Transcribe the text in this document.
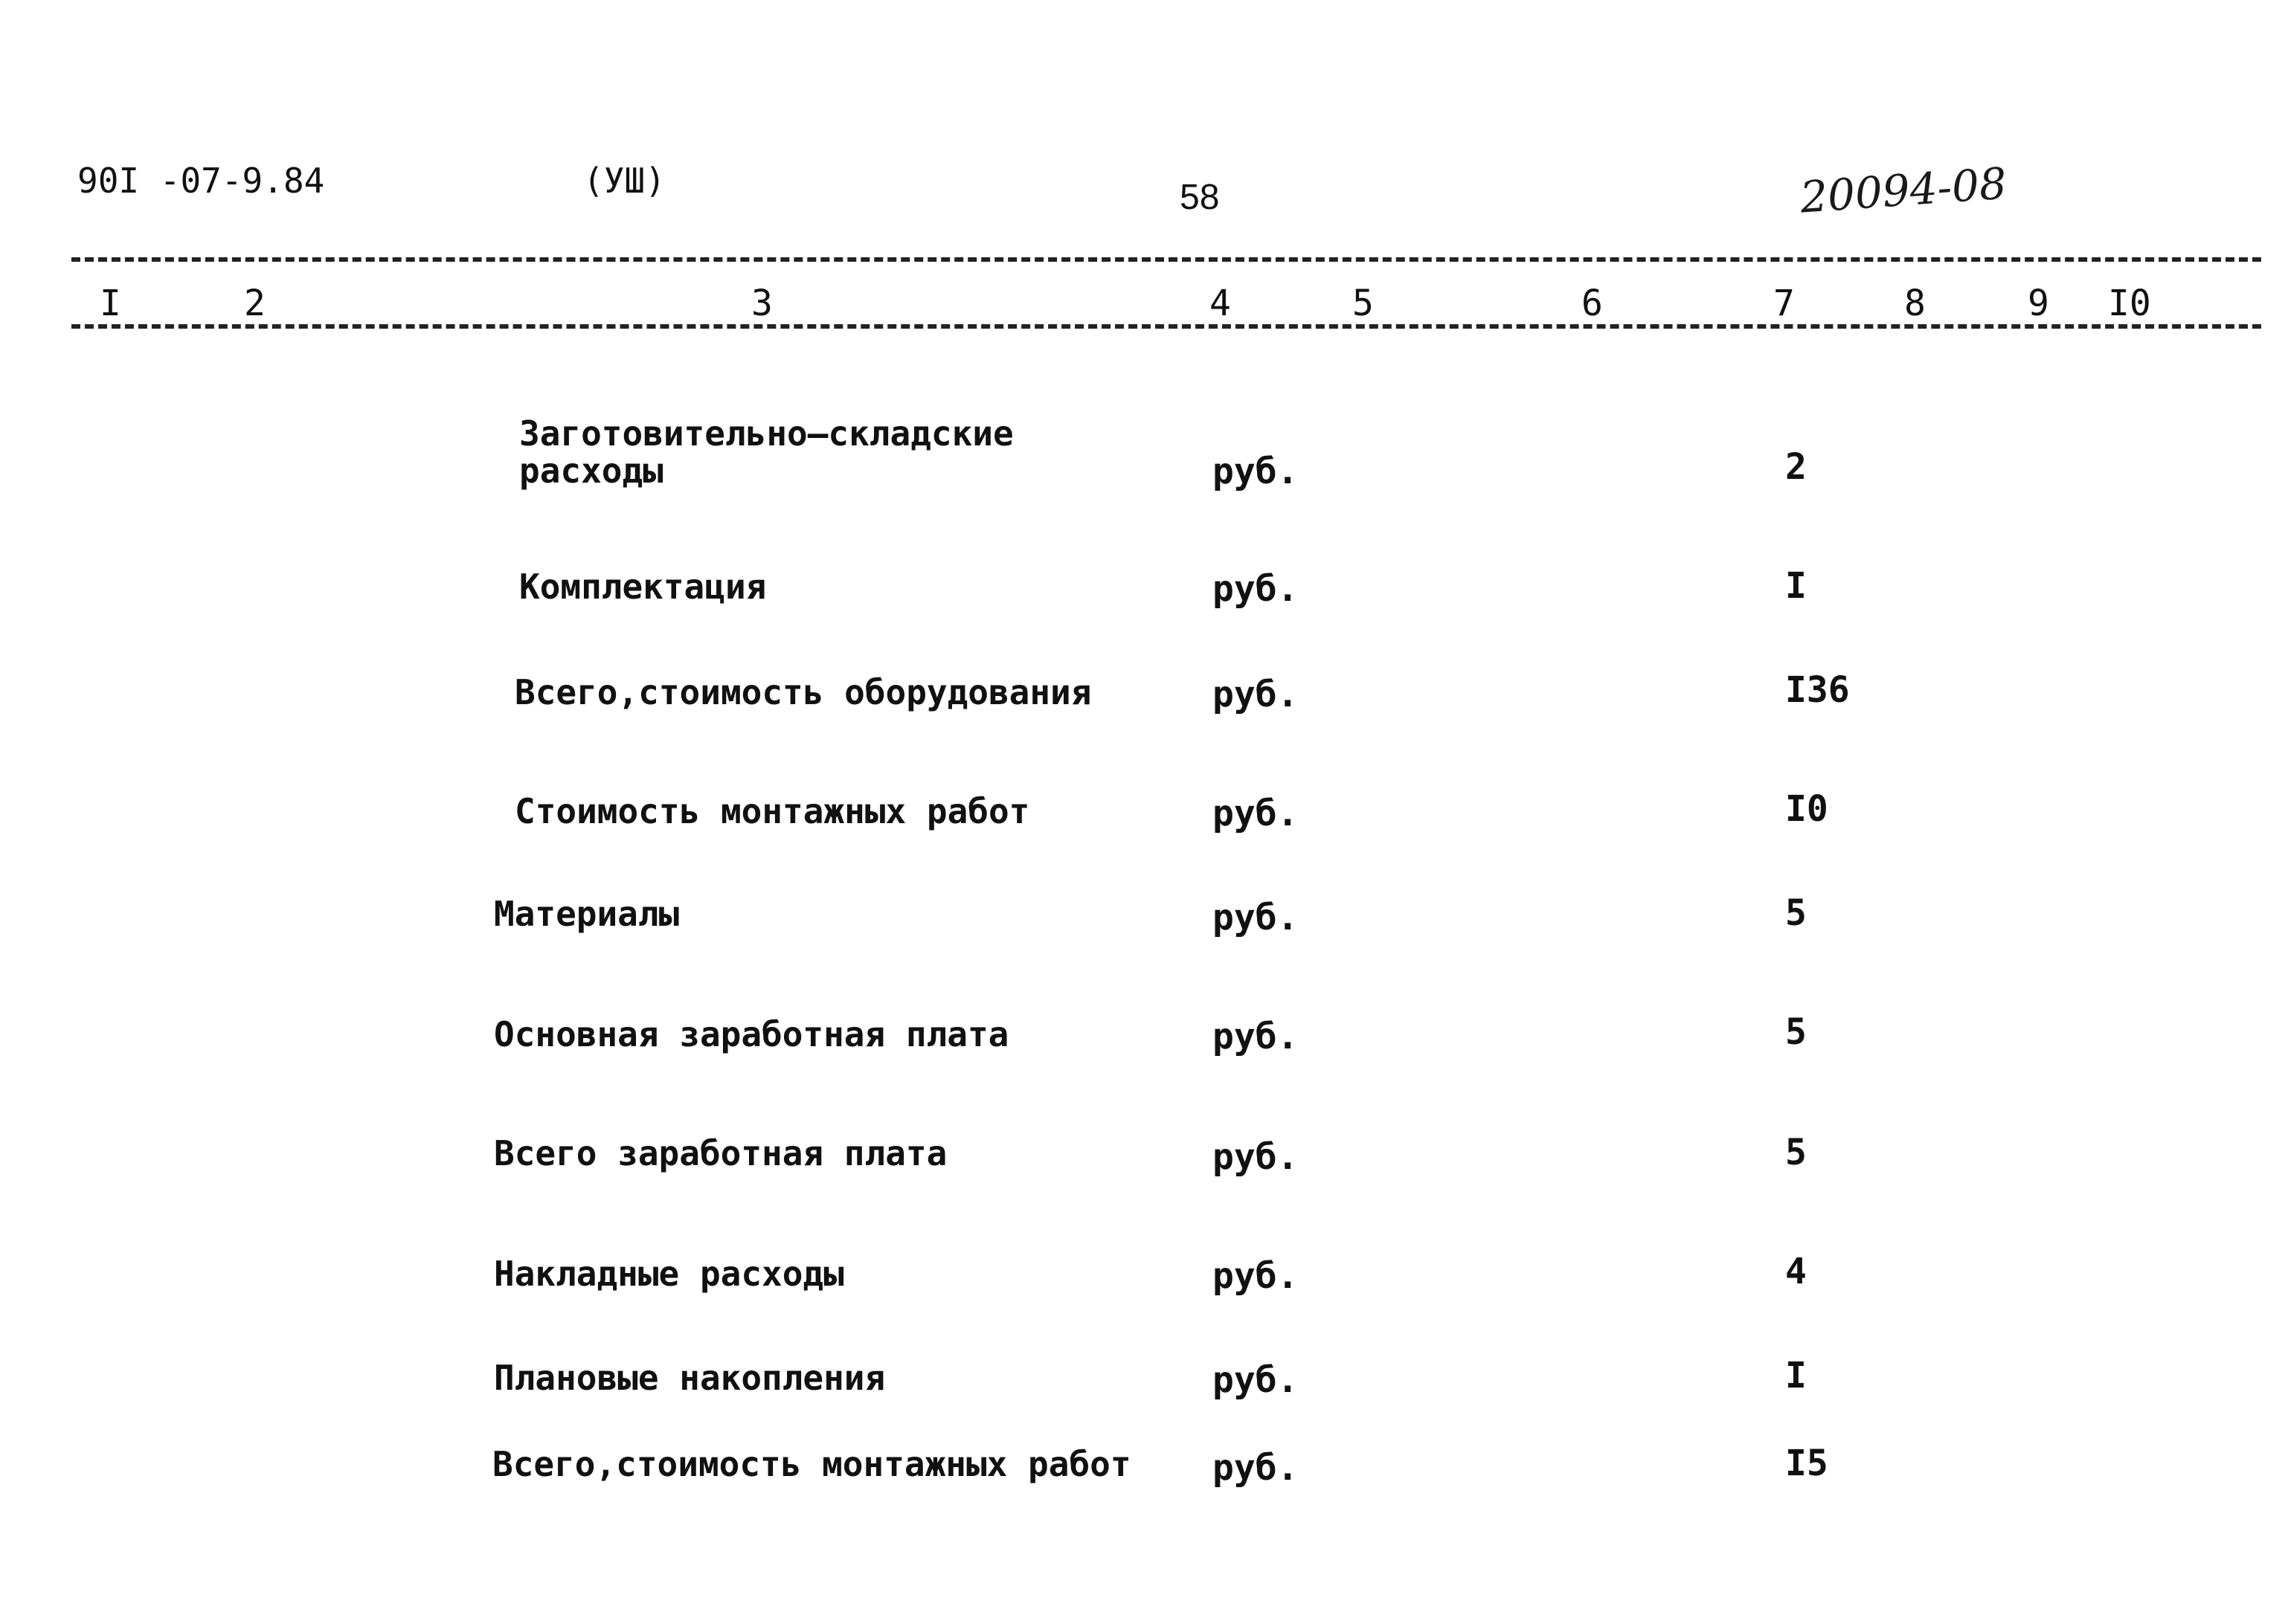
90I -07-9.84	(УШ)	58	20094-08
I	2	3	4	5	6	7	8	9 I0
Заготовительно–складские
расходы	руб.	2
Комплектация	руб.	I
Всего,стоимость оборудования	руб.	I36
Стоимость монтажных работ	руб.	I0
Материалы	руб.	5
Основная заработная плата	руб.	5
Всего заработная плата	руб.	5
Накладные расходы	руб.	4
Плановые накопления	руб.	I
Всего,стоимость монтажных работ руб.	I5
